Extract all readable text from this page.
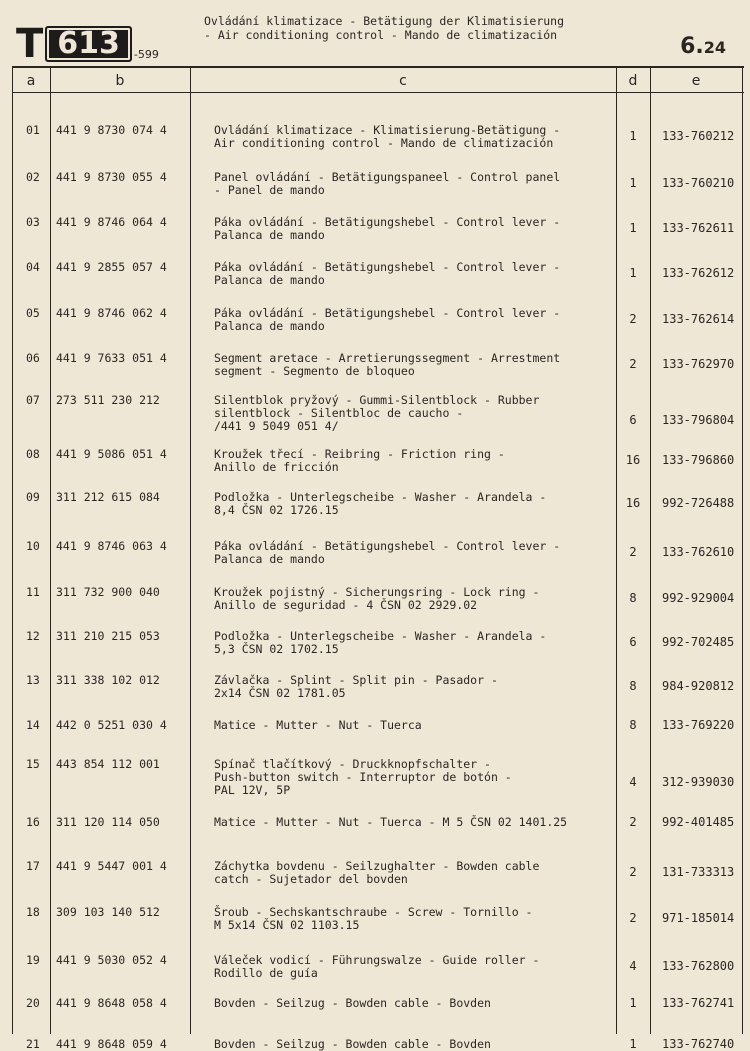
T 613	-599
Ovládání klimatizace - Betätigung der Klimatisierung
- Air conditioning control - Mando de climatización	6.24
a	b	c	d	e
01 441 9 8730 074 4	Ovládání klimatizace - Klimatisierung-Betätigung -
Air conditioning control - Mando de climatización	1	133-760212
02 441 9 8730 055 4	Panel ovládání - Betätigungspaneel - Control panel
- Panel de mando	1	133-760210
03 441 9 8746 064 4	Páka ovládání - Betätigungshebel - Control lever -
Palanca de mando	1	133-762611
04 441 9 2855 057 4	Páka ovládání - Betätigungshebel - Control lever -
Palanca de mando	1	133-762612
05 441 9 8746 062 4	Páka ovládání - Betätigungshebel - Control lever -
Palanca de mando	2	133-762614
06 441 9 7633 051 4	Segment aretace - Arretierungssegment - Arrestment
segment - Segmento de bloqueo	2	133-762970
07 273 511 230 212	Silentblok pryžový - Gummi-Silentblock - Rubber
silentblock - Silentbloc de caucho -
/441 9 5049 051 4/	6	133-796804
08 441 9 5086 051 4	Kroužek třecí - Reibring - Friction ring -
Anillo de fricción	16	133-796860
09 311 212 615 084	Podložka - Unterlegscheibe - Washer - Arandela -
8,4 ČSN 02 1726.15	16	992-726488
10 441 9 8746 063 4	Páka ovládání - Betätigungshebel - Control lever -
Palanca de mando	2	133-762610
11 311 732 900 040	Kroužek pojistný - Sicherungsring - Lock ring -
Anillo de seguridad - 4 ČSN 02 2929.02	8	992-929004
12 311 210 215 053	Podložka - Unterlegscheibe - Washer - Arandela -
5,3 ČSN 02 1702.15	6	992-702485
13 311 338 102 012	Závlačka - Splint - Split pin - Pasador -
2x14 ČSN 02 1781.05	8	984-920812
14 442 0 5251 030 4	Matice - Mutter - Nut - Tuerca	8	133-769220
15 443 854 112 001	Spínač tlačítkový - Druckknopfschalter -
Push-button switch - Interruptor de botón -
PAL 12V, 5P
4	312-939030
16 311 120 114 050	Matice - Mutter - Nut - Tuerca - M 5 ČSN 02 1401.25	2	992-401485
17 441 9 5447 001 4	Záchytka bovdenu - Seilzughalter - Bowden cable
catch - Sujetador del bovden	2	131-733313
18 309 103 140 512	Šroub - Sechskantschraube - Screw - Tornillo -
M 5x14 ČSN 02 1103.15	2	971-185014
19 441 9 5030 052 4	Váleček vodicí - Führungswalze - Guide roller -
Rodillo de guía	4	133-762800
20 441 9 8648 058 4	Bovden - Seilzug - Bowden cable - Bovden	1	133-762741
21 441 9 8648 059 4	Bovden - Seilzug - Bowden cable - Bovden	1	133-762740
